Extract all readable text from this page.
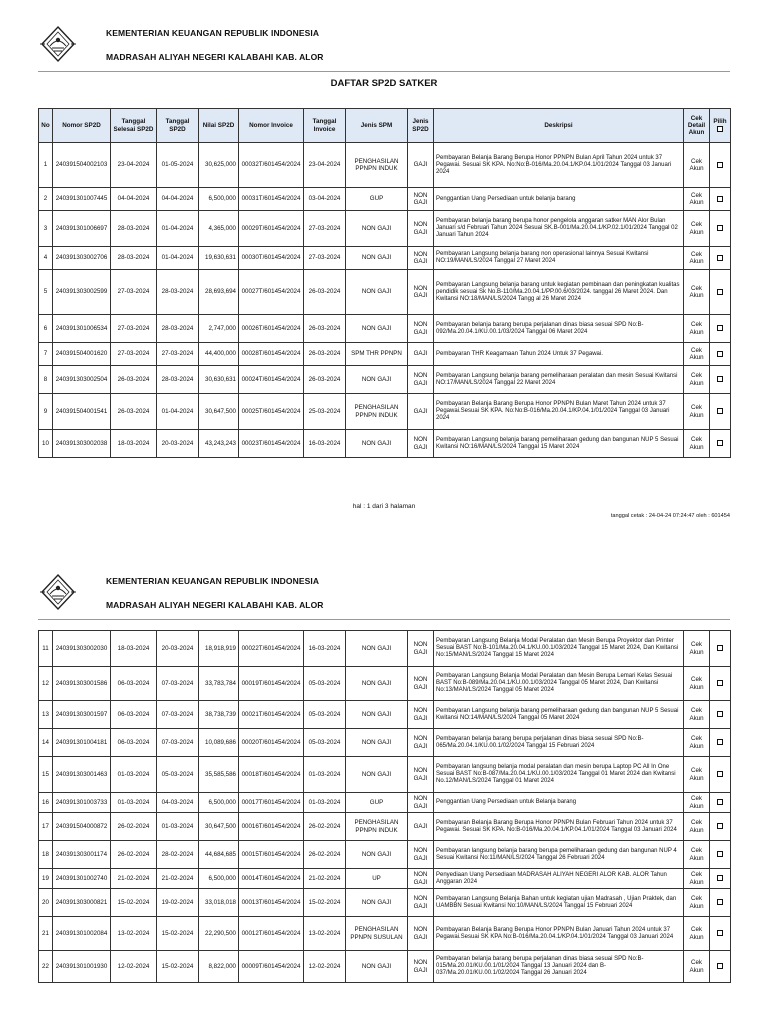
KEMENTERIAN KEUANGAN REPUBLIK INDONESIA
MADRASAH ALIYAH NEGERI KALABAHI KAB. ALOR
DAFTAR SP2D SATKER
No	Nomor SP2D	Tanggal Selesai SP2D	Tanggal SP2D	Nilai SP2D	Nomor Invoice	Tanggal Invoice	Jenis SPM	Jenis SP2D	Deskripsi	Cek Detail Akun	Pilih

1	240391504002103	23-04-2024	01-05-2024	30,625,000	00032T/601454/2024	23-04-2024	PENGHASILAN PPNPN INDUK	GAJI	Pembayaran Belanja Barang Berupa Honor PPNPN Bulan April Tahun 2024 untuk 37 Pegawai. Sesuai SK KPA. No:No:B-016/Ma.20.04.1/KP.04.1/01/2024 Tanggal 03 Januari 2024	Cek Akun	
2	240391301007445	04-04-2024	04-04-2024	6,500,000	00031T/601454/2024	03-04-2024	GUP	NON GAJI	Penggantian Uang Persediaan untuk belanja barang	Cek Akun	
3	240391301006697	28-03-2024	01-04-2024	4,365,000	00029T/601454/2024	27-03-2024	NON GAJI	NON GAJI	Pembayaran belanja barang berupa honor pengelola anggaran satker MAN Alor Bulan Januari s/d Februari Tahun 2024 Sesuai SK.B-001/Ma.20.04.1/KP.02.1/01/2024 Tanggal 02 Januari Tahun 2024	Cek Akun	
4	240391303002706	28-03-2024	01-04-2024	19,630,631	00030T/601454/2024	27-03-2024	NON GAJI	NON GAJI	Pembayaran Langsung belanja barang non operasional lainnya Sesuai Kwitansi NO:19/MAN/LS/2024 Tanggal 27 Maret 2024	Cek Akun	
5	240391303002599	27-03-2024	28-03-2024	28,693,694	00027T/601454/2024	26-03-2024	NON GAJI	NON GAJI	Pembayaran Langsung belanja barang untuk kegiatan pembinaan dan peningkatan kualitas pendidik sesuai Sk No.B-110/Ma.20.04.1/PP.00.6/03/2024. tanggal 26 Maret 2024. Dan Kwitansi NO:18/MAN/LS/2024 Tangg al 26 Maret 2024	Cek Akun	
6	240391301006534	27-03-2024	28-03-2024	2,747,000	00026T/601454/2024	26-03-2024	NON GAJI	NON GAJI	Pembayaran belanja barang berupa perjalanan dinas biasa sesuai SPD No:B-092/Ma.20.04.1/KU.00.1/03/2024 Tanggal 06 Maret 2024	Cek Akun	
7	240391504001620	27-03-2024	27-03-2024	44,400,000	00028T/601454/2024	26-03-2024	SPM THR PPNPN	GAJI	Pembayaran THR Keagamaan Tahun 2024 Untuk 37 Pegawai.	Cek Akun	
8	240391303002504	26-03-2024	28-03-2024	30,630,631	00024T/601454/2024	26-03-2024	NON GAJI	NON GAJI	Pembayaran Langsung belanja barang pemeliharaan peralatan dan mesin Sesuai Kwitansi NO:17/MAN/LS/2024 Tanggal 22 Maret 2024	Cek Akun	
9	240391504001541	26-03-2024	01-04-2024	30,647,500	00025T/601454/2024	25-03-2024	PENGHASILAN PPNPN INDUK	GAJI	Pembayaran Belanja Barang Berupa Honor PPNPN Bulan Maret Tahun 2024 untuk 37 Pegawai.Sesuai SK KPA. No:No:B-016/Ma.20.04.1/KP.04.1/01/2024 Tanggal 03 Januari 2024	Cek Akun	
10	240391303002038	18-03-2024	20-03-2024	43,243,243	00023T/601454/2024	16-03-2024	NON GAJI	NON GAJI	Pembayaran Langsung belanja barang pemeliharaan gedung dan bangunan NUP 5 Sesuai Kwitansi NO:16/MAN/LS/2024 Tanggal 15 Maret 2024	Cek Akun	
hal : 1 dari 3 halaman
tanggal cetak : 24-04-24 07:24:47 oleh : 601454
KEMENTERIAN KEUANGAN REPUBLIK INDONESIA
MADRASAH ALIYAH NEGERI KALABAHI KAB. ALOR
11	240391303002030	18-03-2024	20-03-2024	18,918,919	00022T/601454/2024	16-03-2024	NON GAJI	NON GAJI	Pembayaran Langsung Belanja Modal Peralatan dan Mesin Berupa Proyektor dan Printer Sesuai BAST No:B-101/Ma.20.04.1/KU.00.1/03/2024 Tanggal 15 Maret 2024, Dan Kwitansi No:15/MAN/LS/2024 Tanggal 15 Maret 2024	Cek Akun	
12	240391303001586	06-03-2024	07-03-2024	33,783,784	00019T/601454/2024	05-03-2024	NON GAJI	NON GAJI	Pembayaran Langsung Belanja Modal Peralatan dan Mesin Berupa Lemari Kelas Sesuai BAST No:B-089/Ma.20.04.1/KU.00.1/03/2024 Tanggal 05 Maret 2024, Dan Kwitansi No:13/MAN/LS/2024 Tanggal 05 Maret 2024	Cek Akun	
13	240391303001597	06-03-2024	07-03-2024	38,738,739	00021T/601454/2024	05-03-2024	NON GAJI	NON GAJI	Pembayaran Langsung belanja barang pemeliharaan gedung dan bangunan NUP 5 Sesuai Kwitansi NO:14/MAN/LS/2024 Tanggal 05 Maret 2024	Cek Akun	
14	240391301004181	06-03-2024	07-03-2024	10,089,686	00020T/601454/2024	05-03-2024	NON GAJI	NON GAJI	Pembayaran belanja barang berupa perjalanan dinas biasa sesuai SPD No:B-065/Ma.20.04.1/KU.00.1/02/2024 Tanggal 15 Februari 2024	Cek Akun	
15	240391303001463	01-03-2024	05-03-2024	35,585,586	00018T/601454/2024	01-03-2024	NON GAJI	NON GAJI	Pembayaran langsung belanja modal peralatan dan mesin berupa Laptop PC All In One Sesuai BAST No:B-087/Ma.20.04.1/KU.00.1/03/2024 Tanggal 01 Maret 2024 dan Kwitansi No.12/MAN/LS/2024 Tanggal 01 Maret 2024	Cek Akun	
16	240391301003733	01-03-2024	04-03-2024	6,500,000	00017T/601454/2024	01-03-2024	GUP	NON GAJI	Penggantian Uang Persediaan untuk Belanja barang	Cek Akun	
17	240391504000872	26-02-2024	01-03-2024	30,647,500	00016T/601454/2024	26-02-2024	PENGHASILAN PPNPN INDUK	GAJI	Pembayaran Belanja Barang Berupa Honor PPNPN Bulan Februari Tahun 2024 untuk 37 Pegawai. Sesuai SK KPA. No:B-016/Ma.20.04.1/KP.04.1/01/2024 Tanggal 03 Januari 2024	Cek Akun	
18	240391303001174	26-02-2024	28-02-2024	44,684,685	00015T/601454/2024	26-02-2024	NON GAJI	NON GAJI	Pembayaran langsung belanja barang berupa pemeliharaan gedung dan bangunan NUP 4 Sesuai Kwitansi No:11/MAN/LS/2024 Tanggal 26 Februari 2024	Cek Akun	
19	240391301002740	21-02-2024	21-02-2024	6,500,000	00014T/601454/2024	21-02-2024	UP	NON GAJI	Penyediaan Uang Persediaan MADRASAH ALIYAH NEGERI ALOR KAB. ALOR Tahun Anggaran 2024	Cek Akun	
20	240391303000821	15-02-2024	19-02-2024	33,018,018	00013T/601454/2024	15-02-2024	NON GAJI	NON GAJI	Pembayaran Langsung Belanja Bahan untuk kegiatan ujian Madrasah , Ujian Praktek, dan UAMBBN Sesuai Kwitansi No:10/MAN/LS/2024 Tanggal 15 Februari 2024	Cek Akun	
21	240391301002084	13-02-2024	15-02-2024	22,290,500	00012T/601454/2024	13-02-2024	PENGHASILAN PPNPN SUSULAN	NON GAJI	Pembayaran Belanja Barang Berupa Honor PPNPN Bulan Januari Tahun 2024 untuk 37 Pegawai.Sesuai SK KPA No:B-016/Ma.20.04.1/KP.04.1/01/2024 Tanggal 03 Januari 2024	Cek Akun	
22	240391301001930	12-02-2024	15-02-2024	8,822,000	00009T/601454/2024	12-02-2024	NON GAJI	NON GAJI	Pembayaran belanja barang berupa perjalanan dinas biasa sesuai SPD No:B-015/Ma.20.01/KU.00.1/01/2024 Tanggal 13 Januari 2024 dan B-037/Ma.20.01/KU.00.1/02/2024 Tanggal 26 Januari 2024	Cek Akun	
